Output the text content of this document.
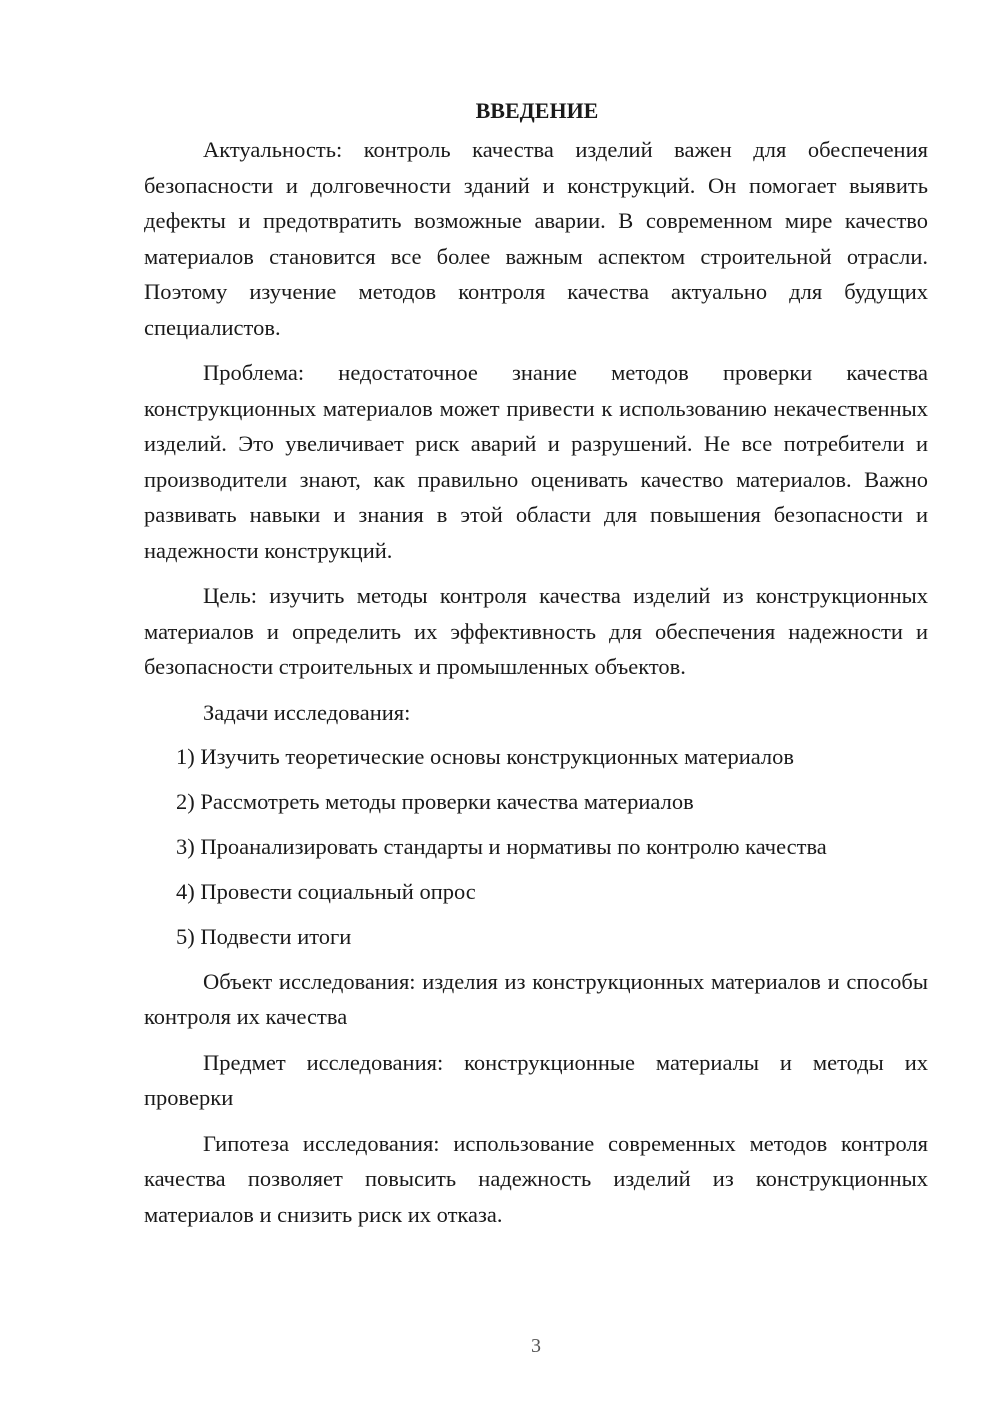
ВВЕДЕНИЕ

Актуальность: контроль качества изделий важен для обеспечения безопасности и долговечности зданий и конструкций. Он помогает выявить дефекты и предотвратить возможные аварии. В современном мире качество материалов становится все более важным аспектом строительной отрасли. Поэтому изучение методов контроля качества актуально для будущих специалистов.

Проблема: недостаточное знание методов проверки качества конструкционных материалов может привести к использованию некачественных изделий. Это увеличивает риск аварий и разрушений. Не все потребители и производители знают, как правильно оценивать качество материалов. Важно развивать навыки и знания в этой области для повышения безопасности и надежности конструкций.

Цель: изучить методы контроля качества изделий из конструкционных материалов и определить их эффективность для обеспечения надежности и безопасности строительных и промышленных объектов.

Задачи исследования:

1) Изучить теоретические основы конструкционных материалов
2) Рассмотреть методы проверки качества материалов
3) Проанализировать стандарты и нормативы по контролю качества
4) Провести социальный опрос
5) Подвести итоги

Объект исследования: изделия из конструкционных материалов и способы контроля их качества

Предмет исследования: конструкционные материалы и методы их проверки

Гипотеза исследования: использование современных методов контроля качества позволяет повысить надежность изделий из конструкционных материалов и снизить риск их отказа.

3
